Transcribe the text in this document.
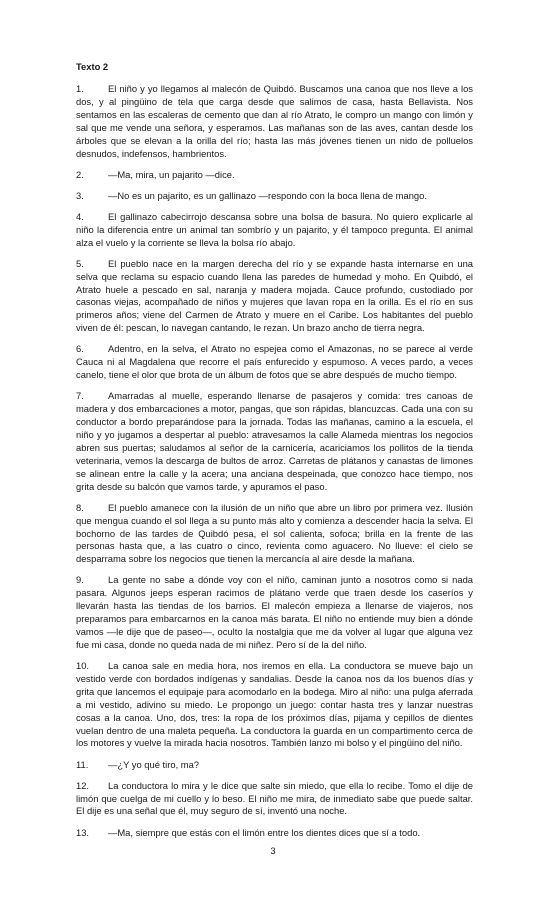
Texto 2

1.	El niño y yo llegamos al malecón de Quibdó. Buscamos una canoa que nos lleve a los dos, y al pingüino de tela que carga desde que salimos de casa, hasta Bellavista. Nos sentamos en las escaleras de cemento que dan al río Atrato, le compro un mango con limón y sal que me vende una señora, y esperamos. Las mañanas son de las aves, cantan desde los árboles que se elevan a la orilla del río; hasta las más jóvenes tienen un nido de polluelos desnudos, indefensos, hambrientos.

2.	—Ma, mira, un pajarito —dice.

3.	—No es un pajarito, es un gallinazo —respondo con la boca llena de mango.

4.	El gallinazo cabecirrojo descansa sobre una bolsa de basura. No quiero explicarle al niño la diferencia entre un animal tan sombrío y un pajarito, y él tampoco pregunta. El animal alza el vuelo y la corriente se lleva la bolsa río abajo.

5.	El pueblo nace en la margen derecha del río y se expande hasta internarse en una selva que reclama su espacio cuando llena las paredes de humedad y moho. En Quibdó, el Atrato huele a pescado en sal, naranja y madera mojada. Cauce profundo, custodiado por casonas viejas, acompañado de niños y mujeres que lavan ropa en la orilla. Es el río en sus primeros años; viene del Carmen de Atrato y muere en el Caribe. Los habitantes del pueblo viven de él: pescan, lo navegan cantando, le rezan. Un brazo ancho de tierra negra.

6.	Adentro, en la selva, el Atrato no espejea como el Amazonas, no se parece al verde Cauca ni al Magdalena que recorre el país enfurecido y espumoso. A veces pardo, a veces canelo, tiene el olor que brota de un álbum de fotos que se abre después de mucho tiempo.

7.	Amarradas al muelle, esperando llenarse de pasajeros y comida: tres canoas de madera y dos embarcaciones a motor, pangas, que son rápidas, blancuzcas. Cada una con su conductor a bordo preparándose para la jornada. Todas las mañanas, camino a la escuela, el niño y yo jugamos a despertar al pueblo: atravesamos la calle Alameda mientras los negocios abren sus puertas; saludamos al señor de la carnicería, acariciamos los pollitos de la tienda veterinaria, vemos la descarga de bultos de arroz. Carretas de plátanos y canastas de limones se alinean entre la calle y la acera; una anciana despeinada, que conozco hace tiempo, nos grita desde su balcón que vamos tarde, y apuramos el paso.

8.	El pueblo amanece con la ilusión de un niño que abre un libro por primera vez. Ilusión que mengua cuando el sol llega a su punto más alto y comienza a descender hacia la selva. El bochorno de las tardes de Quibdó pesa, el sol calienta, sofoca; brilla en la frente de las personas hasta que, a las cuatro o cinco, revienta como aguacero. No llueve: el cielo se desparrama sobre los negocios que tienen la mercancía al aire desde la mañana.

9.	La gente no sabe a dónde voy con el niño, caminan junto a nosotros como si nada pasara. Algunos jeeps esperan racimos de plátano verde que traen desde los caseríos y llevarán hasta las tiendas de los barrios. El malecón empieza a llenarse de viajeros, nos preparamos para embarcarnos en la canoa más barata. El niño no entiende muy bien a dónde vamos —le dije que de paseo—, oculto la nostalgia que me da volver al lugar que alguna vez fue mi casa, donde no queda nada de mi niñez. Pero sí de la del niño.

10. La canoa sale en media hora, nos iremos en ella. La conductora se mueve bajo un vestido verde con bordados indígenas y sandalias. Desde la canoa nos da los buenos días y grita que lancemos el equipaje para acomodarlo en la bodega. Miro al niño: una pulga aferrada a mi vestido, adivino su miedo. Le propongo un juego: contar hasta tres y lanzar nuestras cosas a la canoa. Uno, dos, tres: la ropa de los próximos días, pijama y cepillos de dientes vuelan dentro de una maleta pequeña. La conductora la guarda en un compartimento cerca de los motores y vuelve la mirada hacia nosotros. También lanzo mi bolso y el pingüino del niño.

11. —¿Y yo qué tiro, ma?

12. La conductora lo mira y le dice que salte sin miedo, que ella lo recibe. Tomo el dije de limón que cuelga de mi cuello y lo beso. El niño me mira, de inmediato sabe que puede saltar. El dije es una señal que él, muy seguro de sí, inventó una noche.

13. —Ma, siempre que estás con el limón entre los dientes dices que sí a todo.

3
